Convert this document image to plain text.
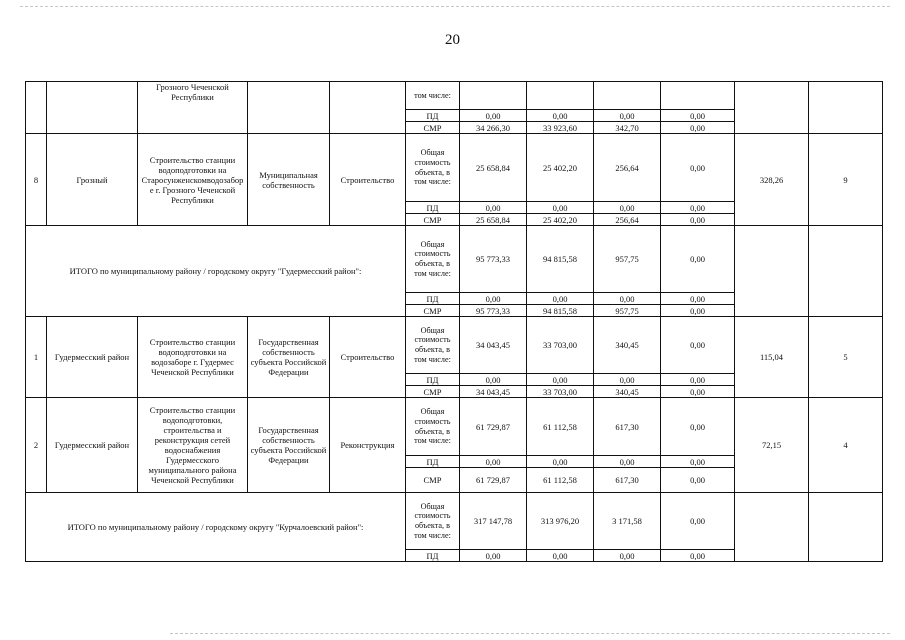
20
		Грозного Чеченской Республики			том числе:						
					ПД	0,00	0,00	0,00	0,00		
					СМР	34 266,30	33 923,60	342,70	0,00		
8	Грозный	Строительство станции водоподготовки на Старосунженскомводозабор е г. Грозного Чеченской Республики	Муниципальная собственность	Строительство	Общая стоимость объекта, в том числе:	25 658,84	25 402,20	256,64	0,00	328,26	9
					ПД	0,00	0,00	0,00	0,00		
					СМР	25 658,84	25 402,20	256,64	0,00		
ИТОГО по муниципальному району / городскому округу "Гудермесский район":					Общая стоимость объекта, в том числе:	95 773,33	94 815,58	957,75	0,00		
					ПД	0,00	0,00	0,00	0,00		
					СМР	95 773,33	94 815,58	957,75	0,00		
1	Гудермесский район	Строительство станции водоподготовки на водозаборе г. Гудермес Чеченской Республики	Государственная собственность субъекта Российской Федерации	Строительство	Общая стоимость объекта, в том числе:	34 043,45	33 703,00	340,45	0,00	115,04	5
					ПД	0,00	0,00	0,00	0,00		
					СМР	34 043,45	33 703,00	340,45	0,00		
2	Гудермесский район	Строительство станции водоподготовки, строительства и реконструкция сетей водоснабжения Гудермесского муниципального района Чеченской Республики	Государственная собственность субъекта Российской Федерации	Реконструкция	Общая стоимость объекта, в том числе:	61 729,87	61 112,58	617,30	0,00	72,15	4
					ПД	0,00	0,00	0,00	0,00		
					СМР	61 729,87	61 112,58	617,30	0,00		
ИТОГО по муниципальному району / городскому округу "Курчалоевский район":					Общая стоимость объекта, в том числе:	317 147,78	313 976,20	3 171,58	0,00		
					ПД	0,00	0,00	0,00	0,00		
